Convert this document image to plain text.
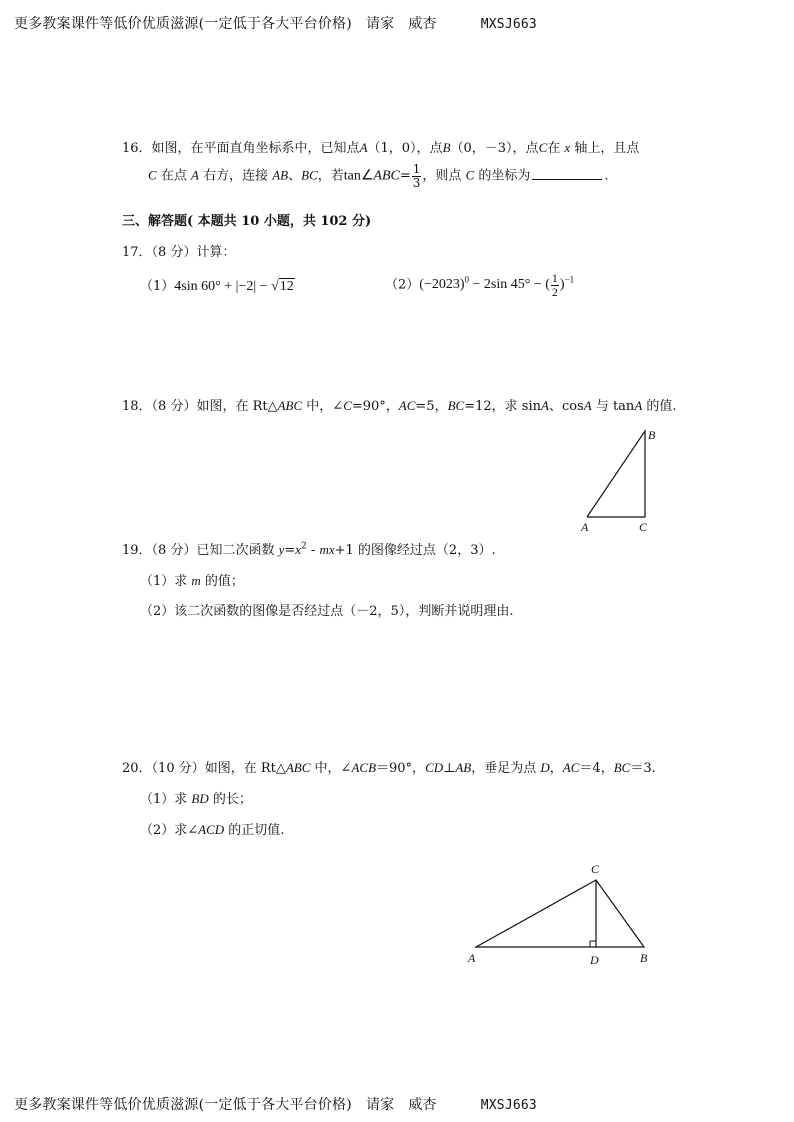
更多教案课件等低价优质滋源(一定低于各大平台价格) 请家 威杏	MXSJ663
16．如图，在平面直角坐标系中，已知点A（1，0），点B（0，－3），点C在 x 轴上，且点
C 在点 A 右方，连接 AB、BC，若tan∠ABC= $\frac{1}{3}$ ，则点 C 的坐标为	.
三、解答题( 本题共 10 小题，共 102 分)
17．（8 分）计算：
（1）4sin 60° + |−2| − √12	$(2)(-2023)^0 - 2\sin$ 45° − ( $\frac{1}{2} )^{-1}$
18．（8 分）如图，在 Rt△ABC 中，∠C=90°，AC=5，BC=12，求 sinA、cosA 与 tanA 的值.
B
A	C
19．（8 分）已知二次函数 $y=x^2 - mx+1$ 的图像经过点（2，3）.
（1）求 m 的值；
（2）该二次函数的图像是否经过点（－2，5），判断并说明理由.
20．（10 分）如图，在 Rt△ABC 中，∠ACB＝90°，CD⊥AB，垂足为点 D，AC＝4，BC＝3.
（1）求 BD 的长；
（2）求∠ACD 的正切值.
C
A	D	B
更多教案课件等低价优质滋源(一定低于各大平台价格) 请家 威杏	MXSJ663
